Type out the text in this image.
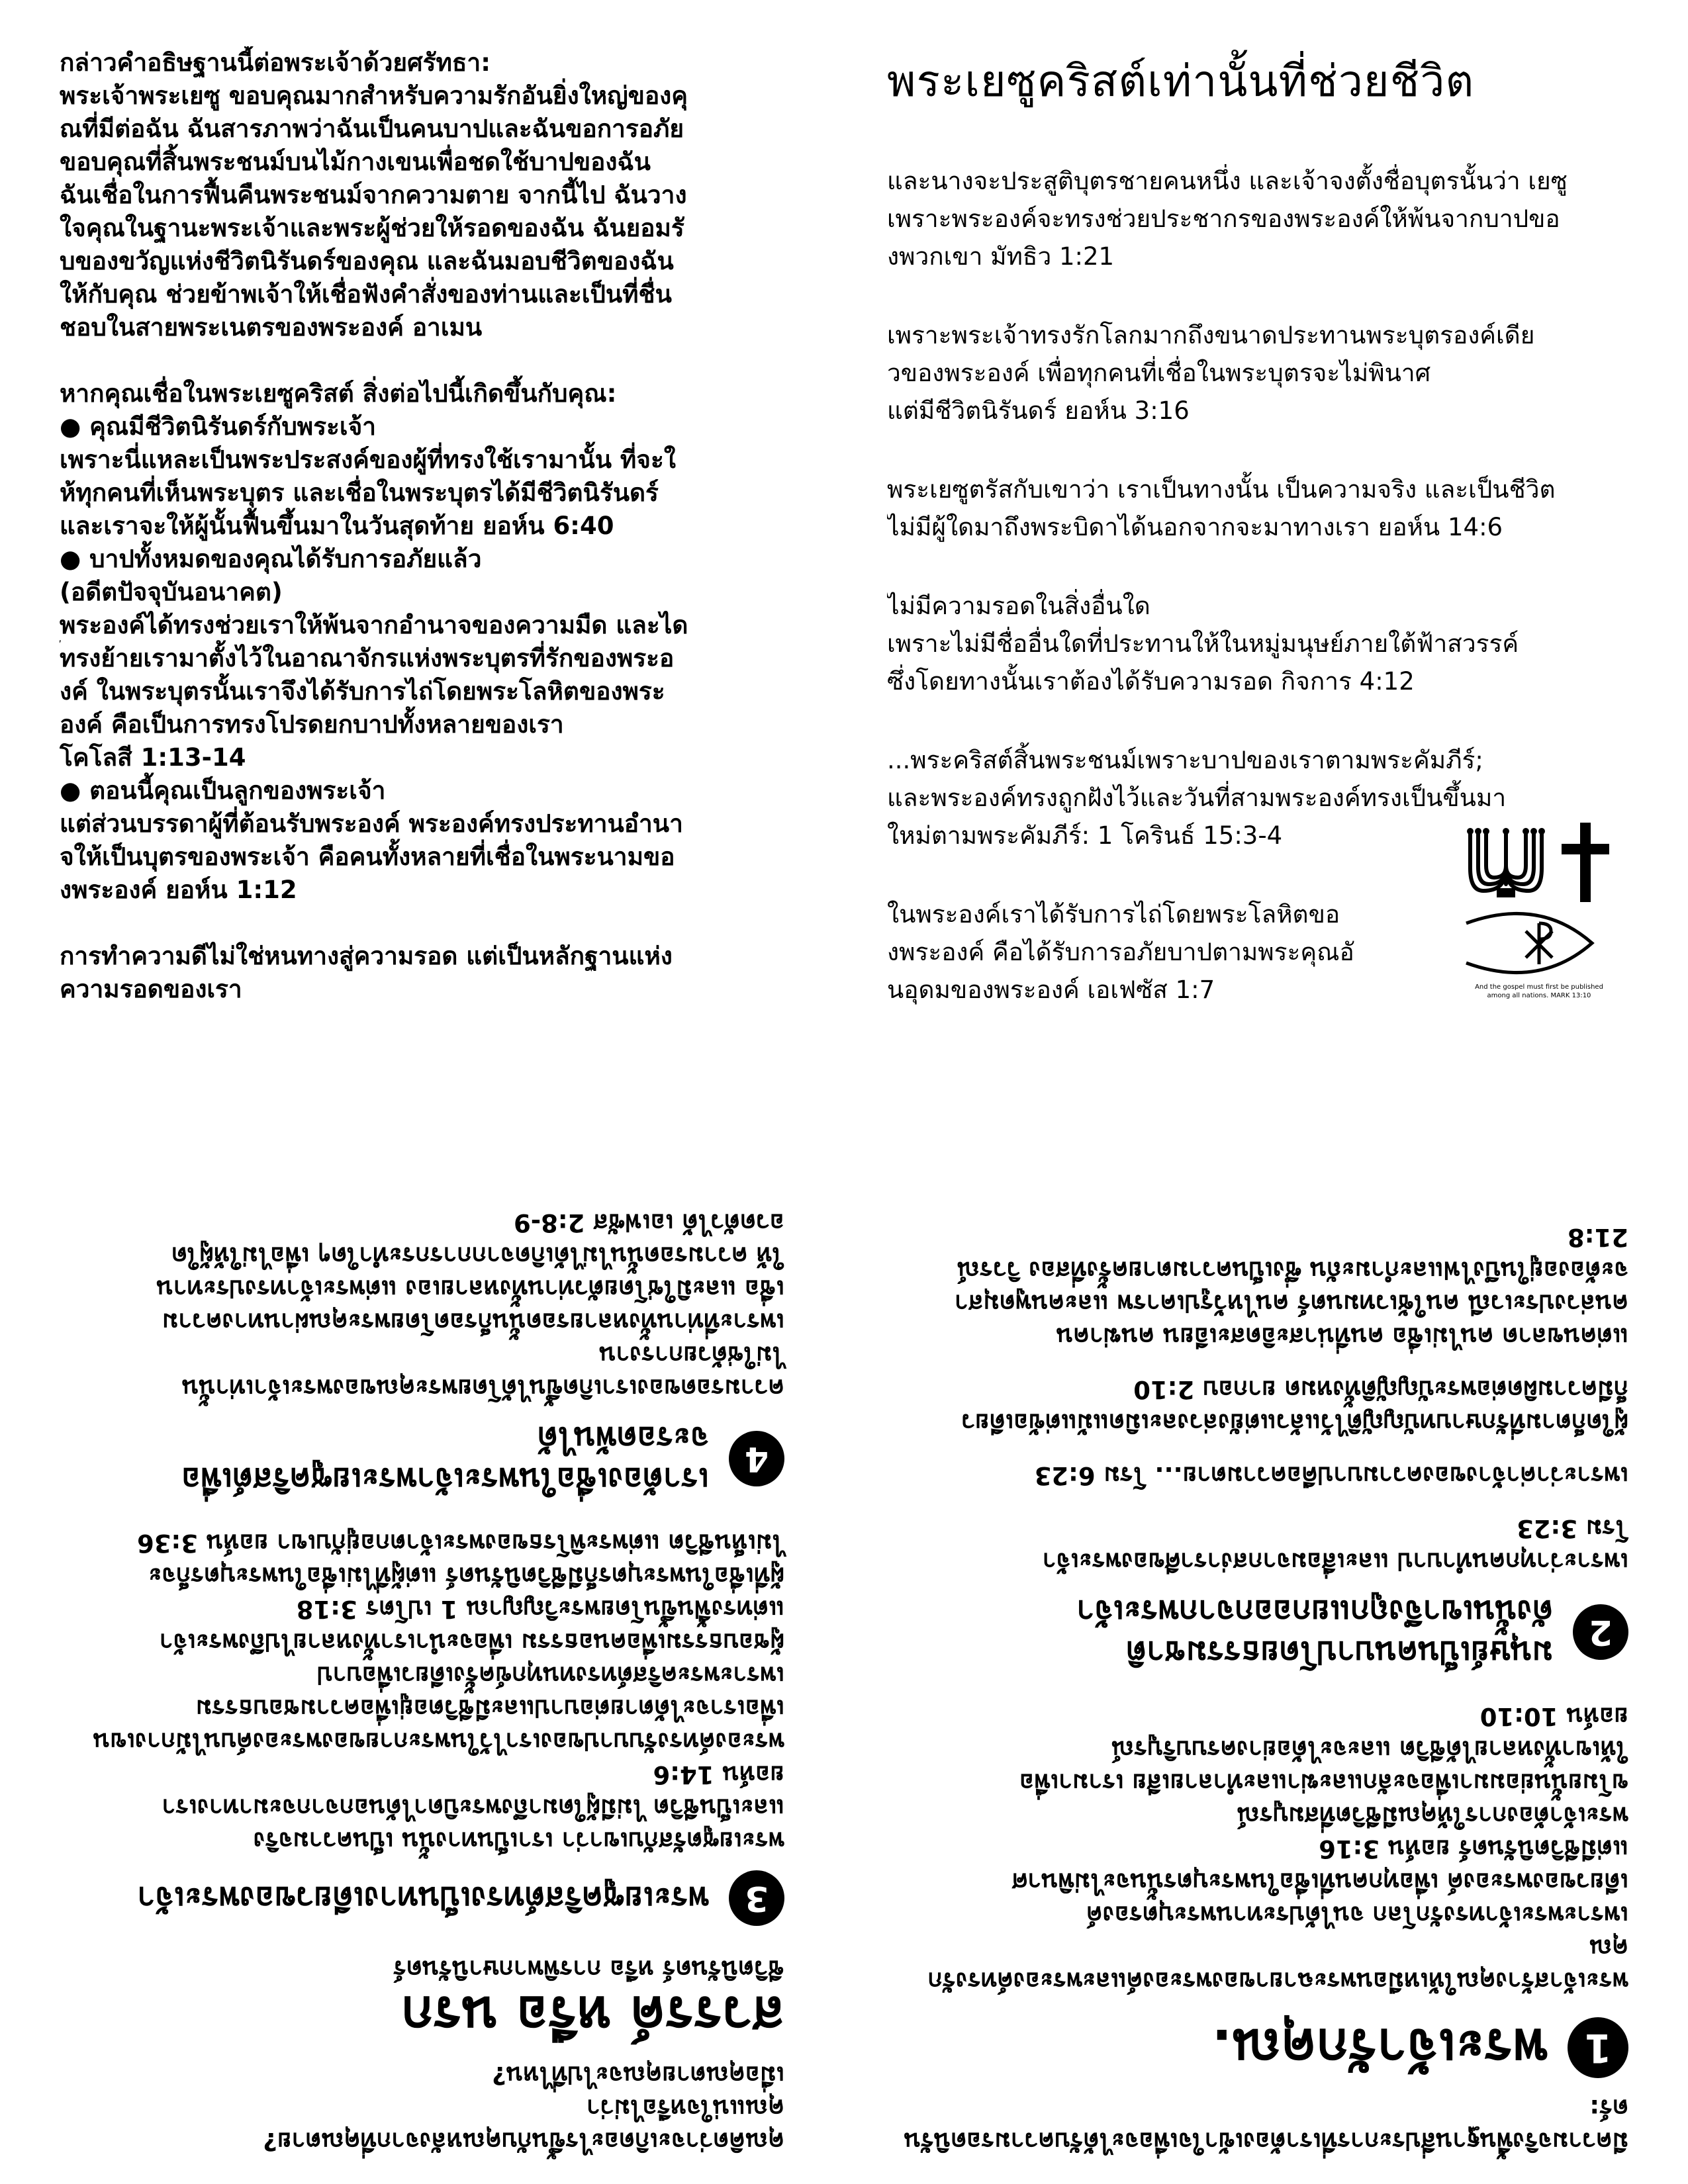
กล่าวคำอธิษฐานนี้ต่อพระเจ้าด้วยศรัทธา:
พระเจ้าพระเยซู ขอบคุณมากสำหรับความรักอันยิ่งใหญ่ของคุ
ณที่มีต่อฉัน ฉันสารภาพว่าฉันเป็นคนบาปและฉันขอการอภัย
ขอบคุณที่สิ้นพระชนม์บนไม้กางเขนเพื่อชดใช้บาปของฉัน
ฉันเชื่อในการฟื้นคืนพระชนม์จากความตาย จากนี้ไป ฉันวาง
ใจคุณในฐานะพระเจ้าและพระผู้ช่วยให้รอดของฉัน ฉันยอมรั
บของขวัญแห่งชีวิตนิรันดร์ของคุณ และฉันมอบชีวิตของฉัน
ให้กับคุณ ช่วยข้าพเจ้าให้เชื่อฟังคำสั่งของท่านและเป็นที่ชื่น
ชอบในสายพระเนตรของพระองค์ อาเมน

หากคุณเชื่อในพระเยซูคริสต์ สิ่งต่อไปนี้เกิดขึ้นกับคุณ:
● คุณมีชีวิตนิรันดร์กับพระเจ้า
เพราะนี่แหละเป็นพระประสงค์ของผู้ที่ทรงใช้เรามานั้น ที่จะใ
ห้ทุกคนที่เห็นพระบุตร และเชื่อในพระบุตรได้มีชีวิตนิรันดร์
และเราจะให้ผู้นั้นฟื้นขึ้นมาในวันสุดท้าย ยอห์น 6:40
● บาปทั้งหมดของคุณได้รับการอภัยแล้ว
(อดีตปัจจุบันอนาคต)
พระองค์ได้ทรงช่วยเราให้พ้นจากอำนาจของความมืด และได
้ทรงย้ายเรามาตั้งไว้ในอาณาจักรแห่งพระบุตรที่รักของพระอ
งค์ ในพระบุตรนั้นเราจึงได้รับการไถ่โดยพระโลหิตของพระ
องค์ คือเป็นการทรงโปรดยกบาปทั้งหลายของเรา
โคโลสี 1:13-14
● ตอนนี้คุณเป็นลูกของพระเจ้า
แต่ส่วนบรรดาผู้ที่ต้อนรับพระองค์ พระองค์ทรงประทานอำนา
จให้เป็นบุตรของพระเจ้า คือคนทั้งหลายที่เชื่อในพระนามขอ
งพระองค์ ยอห์น 1:12

การทำความดีไม่ใช่หนทางสู่ความรอด แต่เป็นหลักฐานแห่ง
ความรอดของเรา

พระเยซูคริสต์เท่านั้นที่ช่วยชีวิต
และนางจะประสูติบุตรชายคนหนึ่ง และเจ้าจงตั้งชื่อบุตรนั้นว่า เยซู
เพราะพระองค์จะทรงช่วยประชากรของพระองค์ให้พ้นจากบาปขอ
งพวกเขา มัทธิว 1:21
เพราะพระเจ้าทรงรักโลกมากถึงขนาดประทานพระบุตรองค์เดีย
วของพระองค์ เพื่อทุกคนที่เชื่อในพระบุตรจะไม่พินาศ
แต่มีชีวิตนิรันดร์ ยอห์น 3:16
พระเยซูตรัสกับเขาว่า เราเป็นทางนั้น เป็นความจริง และเป็นชีวิต
ไม่มีผู้ใดมาถึงพระบิดาได้นอกจากจะมาทางเรา ยอห์น 14:6
ไม่มีความรอดในสิ่งอื่นใด
เพราะไม่มีชื่ออื่นใดที่ประทานให้ในหมู่มนุษย์ภายใต้ฟ้าสวรรค์
ซึ่งโดยทางนั้นเราต้องได้รับความรอด กิจการ 4:12
...พระคริสต์สิ้นพระชนม์เพราะบาปของเราตามพระคัมภีร์;
และพระองค์ทรงถูกฝังไว้และวันที่สามพระองค์ทรงเป็นขึ้นมา
ใหม่ตามพระคัมภีร์: 1 โครินธ์ 15:3-4
ในพระองค์เราได้รับการไถ่โดยพระโลหิตขอ
งพระองค์ คือได้รับการอภัยบาปตามพระคุณอั
นอุดมของพระองค์ เอเฟซัส 1:7	And the gospel must first be published
among all nations. MARK 13:10
คุณคิดว่าจะเกิดอะไรขึ้นกับคุณหลังจากที่คุณตาย?
คุณแน่ใจหรือไม่ว่า
เมื่อคุณตายคุณจะไปที่ไหน?
สวรรค์ หรือ นรก
ชีวิตนิรันดร์ หรือ การพิพากษานิรันดร์
3
พระเยซูคริสต์ทรงเป็นทางเดียวของพระเจ้า
พระเยซูตรัสกับเขาว่า เราเป็นทางนั้น เป็นความจริง
และเป็นชีวิต ไม่มีผู้ใดมาถึงพระบิดาได้นอกจากจะมาทางเรา
ยอห์น 14:6
พระองค์ทรงรับบาปของเราไว้ในพระกายของพระองค์บนไม้กางเขน
เพื่อเราจะได้ตายต่อบาปและมีชีวิตอยู่เพื่อความชอบธรรม
เพราะพระคริสต์ทรงทนทุกข์ครั้งเดียวเพื่อบาป
ผู้ชอบธรรมเพื่อคนอธรรม เพื่อจะนำเราทั้งหลายไปถึงพระเจ้า
แต่ทรงฟื้นขึ้นโดยพระวิญญาณ 1 เปโตร 3:18
ผู้ที่เชื่อในพระบุตรก็มีชีวิตนิรันดร์ แต่ผู้ที่ไม่เชื่อในพระบุตรก็จะ
ไม่เห็นชีวิต แต่พระพิโรธของพระเจ้าตกอยู่กับเขา ยอห์น 3:36
4
เราต้องเชื่อในพระเจ้าพระเยซูคริสต์เพื่อ
จะรอดพ้นได้
ความรอดของเราเกิดขึ้นได้โดยพระคุณของพระเจ้าเท่านั้น
ไม่ใช่ด้วยการงาน
เพราะที่ท่านทั้งหลายรอดนั้นก็รอดโดยพระคุณผ่านทางความ
เชื่อ และมิใช่โดยตัวท่านทั้งหลายเอง แต่พระเจ้าทรงประทาน
ให้ ความรอดนั้นไม่ได้เกิดจากการกระทำใดๆ เพื่อไม่ให้ผู้ใด
อวดตัวได้ เอเฟซัส 2:8-9
มีความจริงพื้นฐานสี่ประการที่เราต้องเข้าใจเพื่อจะได้รับความรอดนิรันดร์:
1
พระเจ้ารักคุณ.
พระเจ้าสร้างคุณให้เหมือนพระฉายาของพระองค์และพระองค์ทรงรักคุณ
เพราะพระเจ้าทรงรักโลก จนได้ประทานพระบุตรองค์
เดียวของพระองค์ เพื่อทุกคนที่เชื่อในพระบุตรนั้นจะไม่พินาศ
แต่มีชีวิตนิรันดร์ ยอห์น 3:16
พระเจ้าต้องการให้คุณมีชีวิตที่สมบูรณ์
ขโมยนั้นย่อมมาเพื่อจะลักและฆ่าและทำลายเสีย เรามาเพื่อ
ให้เขาทั้งหลายได้ชีวิต และจะได้อย่างครบบริบูรณ์
ยอห์น 10:10
2
มนุษย์เป็นคนบาปโดยธรรมชาติ
ดังนั้นเขาจึงถูกแยกออกจากพระเจ้า
เพราะว่าทุกคนทำบาป และเสื่อมจากสง่าราศีของพระเจ้า
โรม 3:23
เพราะว่าค่าจ้างของความบาปคือความตาย... โรม 6:23
ผู้ใดก็ตามที่รักษาบทบัญญัติไว้แล้วแต่ยังล่วงละเมิดแม้แต่ข้อเดียว
ก็มีความผิดต่อพระบัญญัติทั้งหมด ยากอบ 2:10
แต่คนขลาด คนไม่เชื่อ คนที่น่าสะอิดสะเอียน คนฆ่าคน
คนล่วงประเวณี คนใช้เวทมนตร์ คนไหว้รูปเคารพ และคนพูดมุสา
จะต้องอยู่ในบึงไฟและกำมะถัน ซึ่งเป็นความตายครั้งที่สอง วิวรณ์ 21:8
